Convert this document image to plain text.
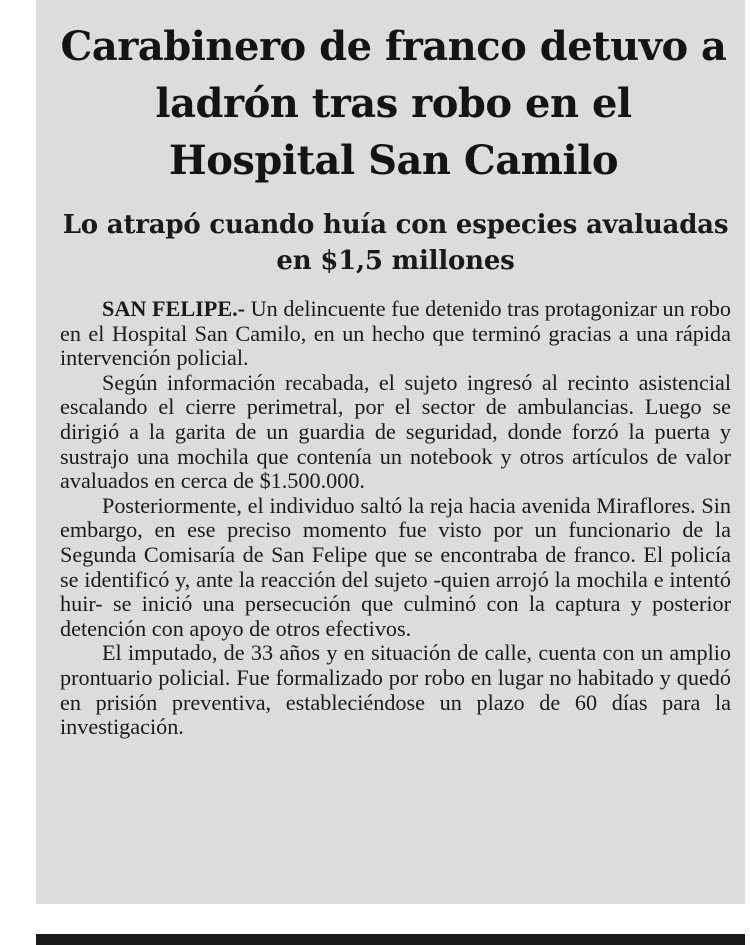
Carabinero de franco detuvo a ladrón tras robo en el Hospital San Camilo
Lo atrapó cuando huía con especies avaluadas en $1,5 millones

SAN FELIPE.- Un delincuente fue detenido tras protagonizar un robo en el Hospital San Camilo, en un hecho que terminó gracias a una rápida intervención policial.

Según información recabada, el sujeto ingresó al recinto asistencial escalando el cierre perimetral, por el sector de ambulancias. Luego se dirigió a la garita de un guardia de seguridad, donde forzó la puerta y sustrajo una mochila que contenía un notebook y otros artículos de valor avaluados en cerca de $1.500.000.

Posteriormente, el individuo saltó la reja hacia avenida Miraflores. Sin embargo, en ese preciso momento fue visto por un funcionario de la Segunda Comisaría de San Felipe que se encontraba de franco. El policía se identificó y, ante la reacción del sujeto -quien arrojó la mochila e intentó huir- se inició una persecución que culminó con la captura y posterior detención con apoyo de otros efectivos.

El imputado, de 33 años y en situación de calle, cuenta con un amplio prontuario policial. Fue formalizado por robo en lugar no habitado y quedó en prisión preventiva, estableciéndose un plazo de 60 días para la investigación.
